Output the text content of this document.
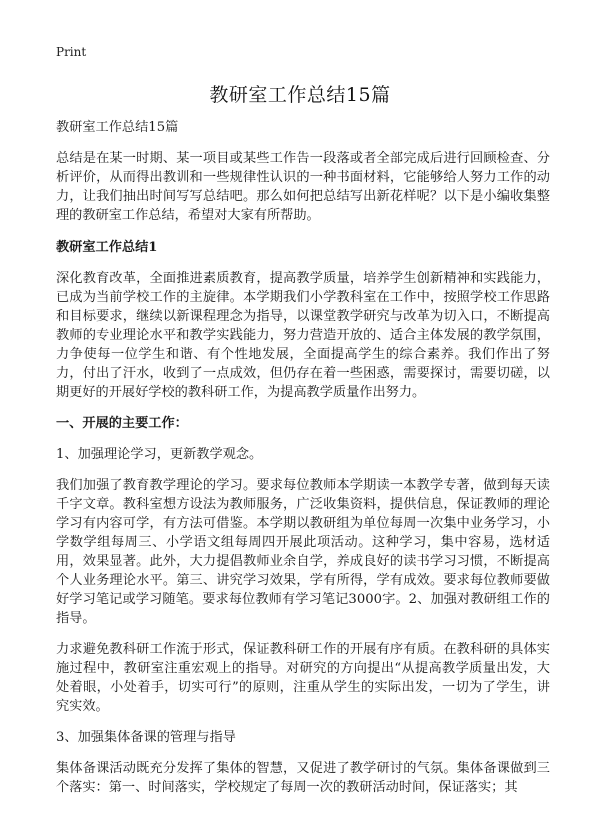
Print
教研室工作总结15篇

教研室工作总结15篇

总结是在某一时期、某一项目或某些工作告一段落或者全部完成后进行回顾检查、分析评价，从而得出教训和一些规律性认识的一种书面材料，它能够给人努力工作的动力，让我们抽出时间写写总结吧。那么如何把总结写出新花样呢？以下是小编收集整理的教研室工作总结，希望对大家有所帮助。

教研室工作总结1

深化教育改革，全面推进素质教育，提高教学质量，培养学生创新精神和实践能力，已成为当前学校工作的主旋律。本学期我们小学教科室在工作中，按照学校工作思路和目标要求，继续以新课程理念为指导，以课堂教学研究与改革为切入口，不断提高教师的专业理论水平和教学实践能力，努力营造开放的、适合主体发展的教学氛围，力争使每一位学生和谐、有个性地发展，全面提高学生的综合素养。我们作出了努力，付出了汗水，收到了一点成效，但仍存在着一些困惑，需要探讨，需要切磋，以期更好的开展好学校的教科研工作，为提高教学质量作出努力。

一、开展的主要工作：

1、加强理论学习，更新教学观念。

我们加强了教育教学理论的学习。要求每位教师本学期读一本教学专著，做到每天读千字文章。教科室想方设法为教师服务，广泛收集资料，提供信息，保证教师的理论学习有内容可学，有方法可借鉴。本学期以教研组为单位每周一次集中业务学习，小学数学组每周三、小学语文组每周四开展此项活动。这种学习，集中容易，选材适用，效果显著。此外，大力提倡教师业余自学，养成良好的读书学习习惯，不断提高个人业务理论水平。第三、讲究学习效果，学有所得，学有成效。要求每位教师要做好学习笔记或学习随笔。要求每位教师有学习笔记3000字。2、加强对教研组工作的指导。

力求避免教科研工作流于形式，保证教科研工作的开展有序有质。在教科研的具体实施过程中，教研室注重宏观上的指导。对研究的方向提出“从提高教学质量出发，大处着眼，小处着手，切实可行”的原则，注重从学生的实际出发，一切为了学生，讲究实效。

3、加强集体备课的管理与指导

集体备课活动既充分发挥了集体的智慧，又促进了教学研讨的气氛。集体备课做到三个落实：第一、时间落实，学校规定了每周一次的教研活动时间，保证落实；其
